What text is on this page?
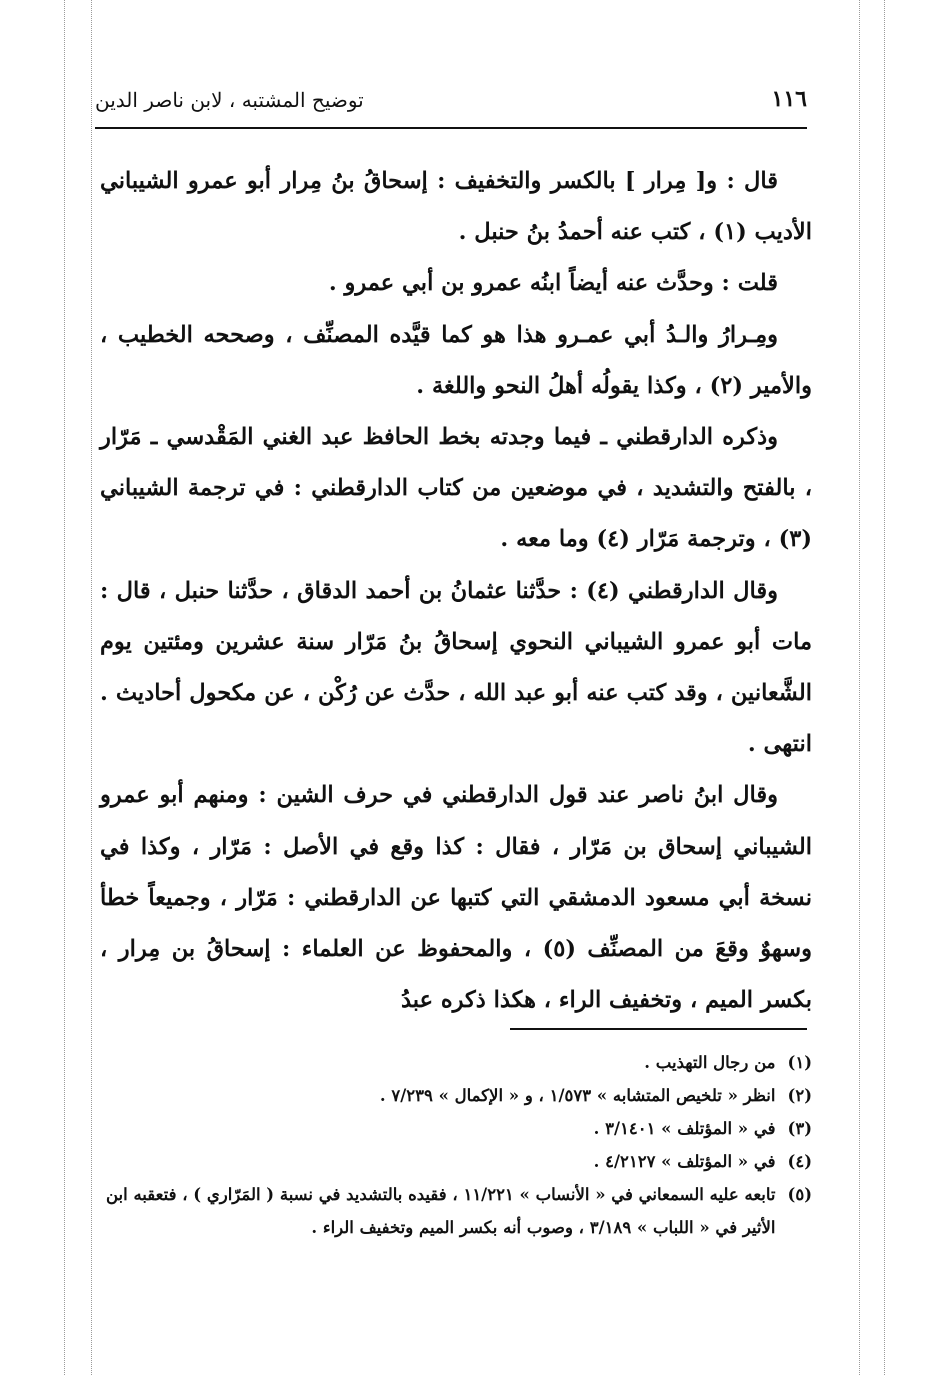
١١٦
توضيح المشتبه ، لابن ناصر الدين

قال : و[ مِرار ] بالكسر والتخفيف : إسحاقُ بنُ مِرار أبو عمرو الشيباني الأديب (١) ، كتب عنه أحمدُ بنُ حنبل .

قلت : وحدَّث عنه أيضاً ابنُه عمرو بن أبي عمرو .

ومِـرارُ والـدُ أبي عمـرو هذا هو كما قيَّده المصنِّف ، وصححه الخطيب ، والأمير (٢) ، وكذا يقولُه أهلُ النحو واللغة .

وذكره الدارقطني ـ فيما وجدته بخط الحافظ عبد الغني المَقْدسي ـ مَرّار ، بالفتح والتشديد ، في موضعين من كتاب الدارقطني : في ترجمة الشيباني (٣) ، وترجمة مَرّار (٤) وما معه .

وقال الدارقطني (٤) : حدَّثنا عثمانُ بن أحمد الدقاق ، حدَّثنا حنبل ، قال : مات أبو عمرو الشيباني النحوي إسحاقُ بنُ مَرّار سنة عشرين ومئتين يوم الشَّعانين ، وقد كتب عنه أبو عبد الله ، حدَّث عن رُكْن ، عن مكحول أحاديث . انتهى .

وقال ابنُ ناصر عند قول الدارقطني في حرف الشين : ومنهم أبو عمرو الشيباني إسحاق بن مَرّار ، فقال : كذا وقع في الأصل : مَرّار ، وكذا في نسخة أبي مسعود الدمشقي التي كتبها عن الدارقطني : مَرّار ، وجميعاً خطأ وسهوٌ وقعَ من المصنِّف (٥) ، والمحفوظ عن العلماء : إسحاقُ بن مِرار ، بكسر الميم ، وتخفيف الراء ، هكذا ذكره عبدُ

(١)
من رجال التهذيب .
(٢)
انظر « تلخيص المتشابه » ١/٥٧٣ ، و « الإكمال » ٧/٢٣٩ .
(٣)
في « المؤتلف » ٣/١٤٠١ .
(٤)
في « المؤتلف » ٤/٢١٢٧ .
(٥)
تابعه عليه السمعاني في « الأنساب » ١١/٢٢١ ، فقيده بالتشديد في نسبة ( المَرّاري ) ، فتعقبه ابن الأثير في « اللباب » ٣/١٨٩ ، وصوب أنه بكسر الميم وتخفيف الراء .
